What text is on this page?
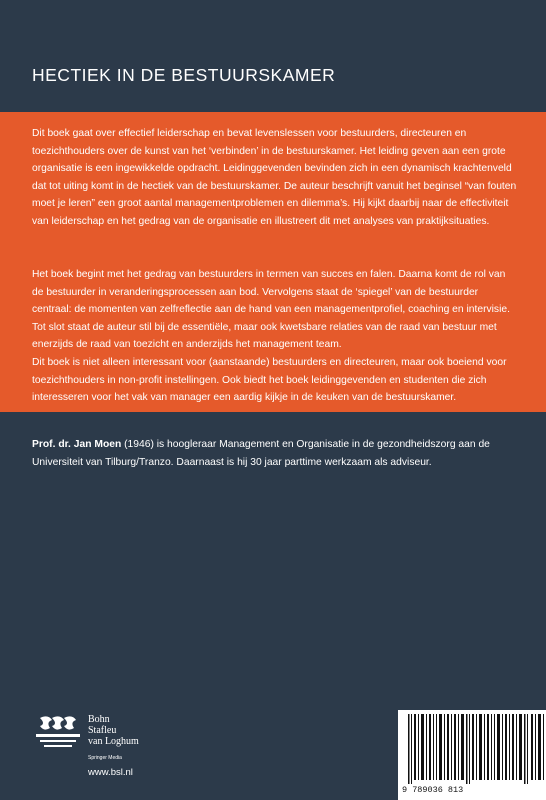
HECTIEK IN DE BESTUURSKAMER

Dit boek gaat over effectief leiderschap en bevat levenslessen voor bestuurders, directeuren en toezichthouders over de kunst van het ‘verbinden’ in de bestuurskamer. Het leiding geven aan een grote organisatie is een ingewikkelde opdracht. Leidinggevenden bevinden zich in een dynamisch krachtenveld dat tot uiting komt in de hectiek van de bestuurskamer. De auteur beschrijft vanuit het beginsel “van fouten moet je leren” een groot aantal managementproblemen en dilemma’s. Hij kijkt daarbij naar de effectiviteit van leiderschap en het gedrag van de organisatie en illustreert dit met analyses van praktijksituaties.

Het boek begint met het gedrag van bestuurders in termen van succes en falen. Daarna komt de rol van de bestuurder in veranderingsprocessen aan bod. Vervolgens staat de ‘spiegel’ van de bestuurder centraal: de momenten van zelfreflectie aan de hand van een managementprofiel, coaching en intervisie. Tot slot staat de auteur stil bij de essentiële, maar ook kwetsbare relaties van de raad van bestuur met enerzijds de raad van toezicht en anderzijds het management team.
Dit boek is niet alleen interessant voor (aanstaande) bestuurders en directeuren, maar ook boeiend voor toezichthouders in non-profit instellingen. Ook biedt het boek leidinggevenden en studenten die zich interesseren voor het vak van manager een aardig kijkje in de keuken van de bestuurskamer.

Prof. dr. Jan Moen (1946) is hoogleraar Management en Organisatie in de gezondheidszorg aan de Universiteit van Tilburg/Tranzo. Daarnaast is hij 30 jaar parttime werkzaam als adviseur.

Bohn
Stafleu
van Loghum
Springer Media
www.bsl.nl
9 789036 813
